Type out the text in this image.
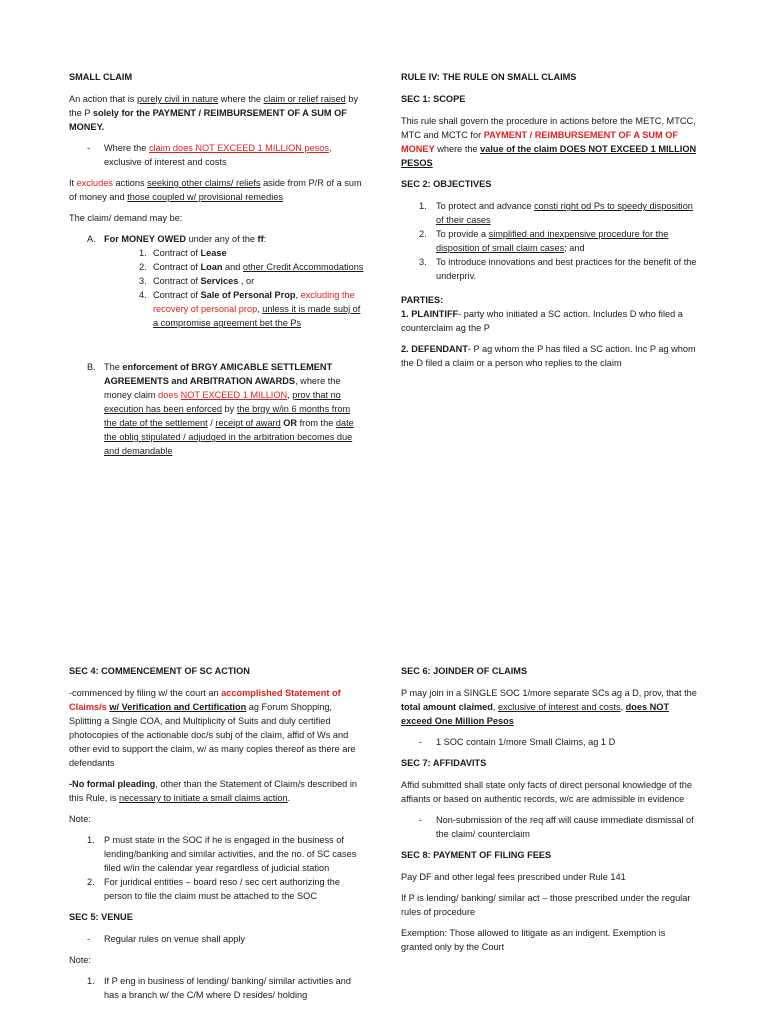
SMALL CLAIM

An action that is purely civil in nature where the claim or relief raised by the P solely for the PAYMENT / REIMBURSEMENT OF A SUM OF MONEY.

-	Where the claim does NOT EXCEED 1 MILLION pesos, exclusive of interest and costs

It excludes actions seeking other claims/ reliefs aside from P/R of a sum of money and those coupled w/ provisional remedies

The claim/ demand may be:

A. For MONEY OWED under any of the ff:
1. Contract of Lease
2. Contract of Loan and other Credit Accommodations
3. Contract of Services , or
4. Contract of Sale of Personal Prop, excluding the recovery of personal prop, unless it is made subj of a compromise agreement bet the Ps
B. The enforcement of BRGY AMICABLE SETTLEMENT AGREEMENTS and ARBITRATION AWARDS, where the money claim does NOT EXCEED 1 MILLION, prov that no execution has been enforced by the brgy w/in 6 months from the date of the settlement / receipt of award OR from the date the oblig stipulated / adjudged in the arbitration becomes due and demandable

RULE IV: THE RULE ON SMALL CLAIMS

SEC 1: SCOPE

This rule shall govern the procedure in actions before the METC, MTCC, MTC and MCTC for PAYMENT / REIMBURSEMENT OF A SUM OF MONEY where the value of the claim DOES NOT EXCEED 1 MILLION PESOS

SEC 2: OBJECTIVES

1.	To protect and advance consti right od Ps to speedy disposition of their cases
2.	To provide a simplified and inexpensive procedure for the disposition of small claim cases; and
3.	To introduce innovations and best practices for the benefit of the underpriv.

PARTIES:

1. PLAINTIFF- party who initiated a SC action. Includes D who filed a counterclaim ag the P

2. DEFENDANT- P ag whom the P has filed a SC action. Inc P ag whom the D filed a claim or a person who replies to the claim

SEC 4: COMMENCEMENT OF SC ACTION

-commenced by filing w/ the court an accomplished Statement of Claims/s w/ Verification and Certification ag Forum Shopping, Splitting a Single COA, and Multiplicity of Suits and duly certified photocopies of the actionable doc/s subj of the claim, affid of Ws and other evid to support the claim, w/ as many copies thereof as there are defendants

-No formal pleading, other than the Statement of Claim/s described in this Rule, is necessary to initiate a small claims action.

Note:

1.	P must state in the SOC if he is engaged in the business of lending/banking and similar activities, and the no. of SC cases filed w/in the calendar year regardless of judicial station
2.	For juridical entities – board reso / sec cert authorizing the person to file the claim must be attached to the SOC

SEC 5: VENUE

-	Regular rules on venue shall apply

Note:

1.	If P eng in business of lending/ banking/ similar activities and has a branch w/ the C/M where D resides/ holding

SEC 6: JOINDER OF CLAIMS

P may join in a SINGLE SOC 1/more separate SCs ag a D, prov, that the total amount claimed, exclusive of interest and costs, does NOT exceed One Million Pesos

-	1 SOC contain 1/more Small Claims, ag 1 D

SEC 7: AFFIDAVITS

Affid submitted shall state only facts of direct personal knowledge of the affiants or based on authentic records, w/c are admissible in evidence

-	Non-submission of the req aff will cause immediate dismissal of the claim/ counterclaim

SEC 8: PAYMENT OF FILING FEES

Pay DF and other legal fees prescribed under Rule 141

If P is lending/ banking/ similar act – those prescribed under the regular rules of procedure

Exemption: Those allowed to litigate as an indigent. Exemption is granted only by the Court
